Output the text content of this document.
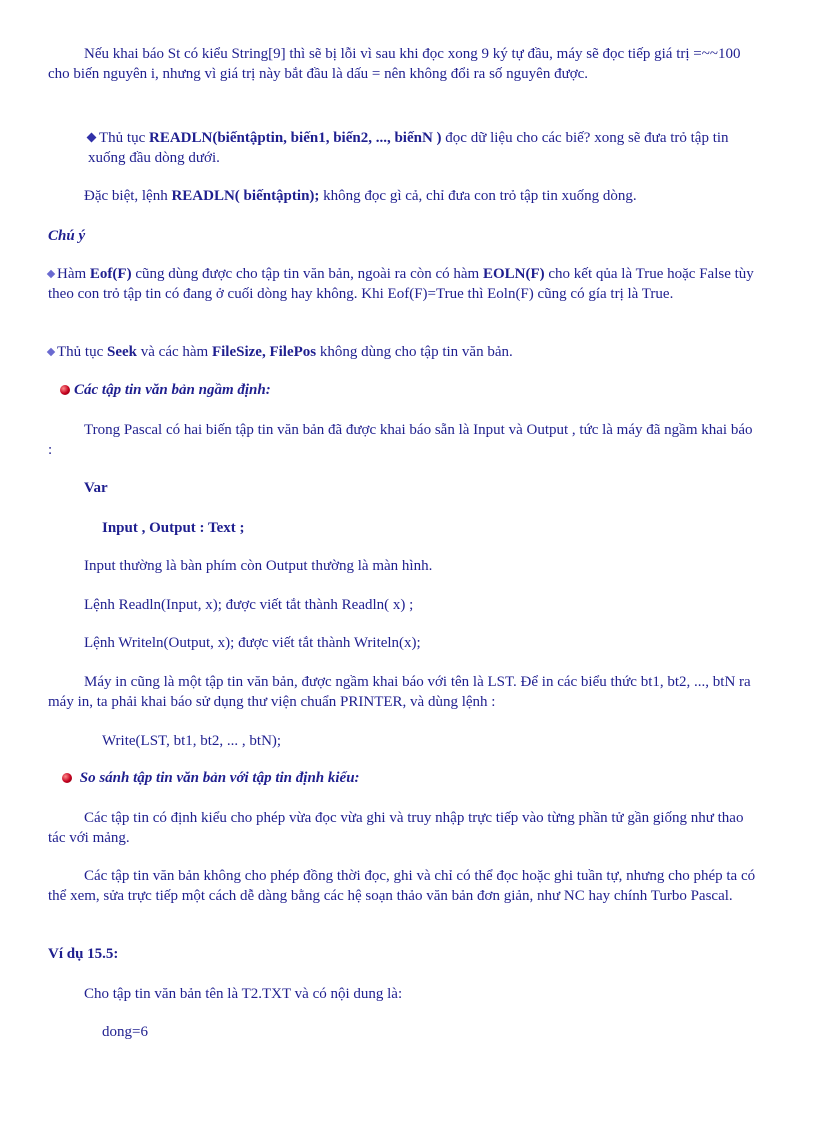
Nếu khai báo St có kiểu String[9] thì sẽ bị lỗi vì sau khi đọc xong 9 ký tự đầu, máy sẽ đọc tiếp giá trị =~~100 cho biến nguyên i, nhưng vì giá trị này bắt đầu là dấu = nên không đổi ra số nguyên được.

Thủ tục READLN(biếntậptin, biến1, biến2, ..., biếnN ) đọc dữ liệu cho các biế? xong sẽ đưa trỏ tập tin xuống đầu dòng dưới.

Đặc biệt, lệnh READLN( biếntậptin); không đọc gì cả, chỉ đưa con trỏ tập tin xuống dòng.

Chú ý

Hàm Eof(F) cũng dùng được cho tập tin văn bản, ngoài ra còn có hàm EOLN(F) cho kết qủa là True hoặc False tùy theo con trỏ tập tin có đang ở cuối dòng hay không. Khi Eof(F)=True thì Eoln(F) cũng có gía trị là True.

Thủ tục Seek và các hàm FileSize, FilePos không dùng cho tập tin văn bản.

Các tập tin văn bản ngầm định:

Trong Pascal có hai biến tập tin văn bản đã được khai báo sẵn là Input và Output , tức là máy đã ngầm khai báo :

Var

Input , Output : Text ;

Input thường là bàn phím còn Output thường là màn hình.

Lệnh Readln(Input, x); được viết tắt thành Readln( x) ;

Lệnh Writeln(Output, x); được viết tắt thành Writeln(x);

Máy in cũng là một tập tin văn bản, được ngầm khai báo với tên là LST. Để in các biểu thức bt1, bt2, ..., btN ra máy in, ta phải khai báo sử dụng thư viện chuẩn PRINTER, và dùng lệnh :

Write(LST, bt1, bt2, ... , btN);

So sánh tập tin văn bản với tập tin định kiểu:

Các tập tin có định kiểu cho phép vừa đọc vừa ghi và truy nhập trực tiếp vào từng phần tử gần giống như thao tác với mảng.

Các tập tin văn bản không cho phép đồng thời đọc, ghi và chỉ có thể đọc hoặc ghi tuần tự, nhưng cho phép ta có thể xem, sửa trực tiếp một cách dễ dàng bằng các hệ soạn thảo văn bản đơn giản, như NC hay chính Turbo Pascal.

Ví dụ 15.5:

Cho tập tin văn bản tên là T2.TXT và có nội dung là:

dong=6
